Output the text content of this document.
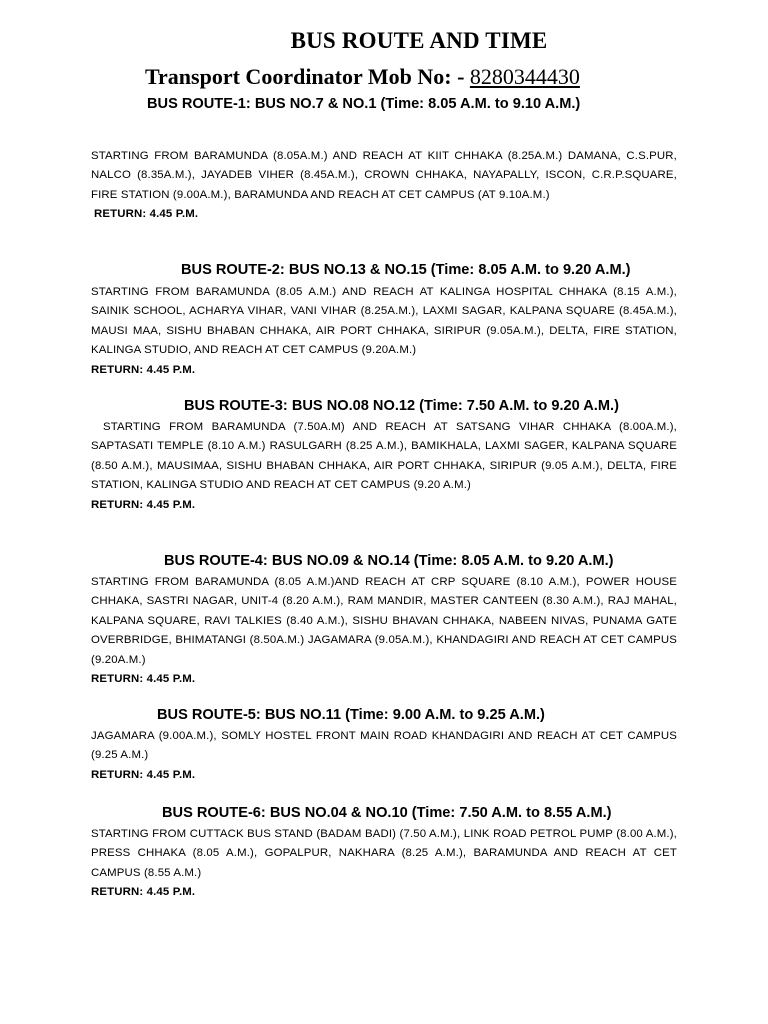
BUS ROUTE AND TIME
Transport Coordinator Mob No: - 8280344430
BUS ROUTE-1: BUS NO.7 & NO.1 (Time: 8.05 A.M. to 9.10 A.M.)
STARTING FROM BARAMUNDA (8.05A.M.) AND REACH AT KIIT CHHAKA (8.25A.M.) DAMANA, C.S.PUR, NALCO (8.35A.M.), JAYADEB VIHER (8.45A.M.), CROWN CHHAKA, NAYAPALLY, ISCON, C.R.P.SQUARE, FIRE STATION (9.00A.M.), BARAMUNDA AND REACH AT CET CAMPUS (AT 9.10A.M.)
RETURN: 4.45 P.M.
BUS ROUTE-2: BUS NO.13 & NO.15 (Time: 8.05 A.M. to 9.20 A.M.)
STARTING FROM BARAMUNDA (8.05 A.M.) AND REACH AT KALINGA HOSPITAL CHHAKA (8.15 A.M.), SAINIK SCHOOL, ACHARYA VIHAR, VANI VIHAR (8.25A.M.), LAXMI SAGAR, KALPANA SQUARE (8.45A.M.), MAUSI MAA, SISHU BHABAN CHHAKA, AIR PORT CHHAKA, SIRIPUR (9.05A.M.), DELTA, FIRE STATION, KALINGA STUDIO, AND REACH AT CET CAMPUS (9.20A.M.)
RETURN: 4.45 P.M.
BUS ROUTE-3: BUS NO.08 NO.12 (Time: 7.50 A.M. to 9.20 A.M.)
STARTING FROM BARAMUNDA (7.50A.M) AND REACH AT SATSANG VIHAR CHHAKA (8.00A.M.), SAPTASATI TEMPLE (8.10 A.M.) RASULGARH (8.25 A.M.), BAMIKHALA, LAXMI SAGER, KALPANA SQUARE (8.50 A.M.), MAUSIMAA, SISHU BHABAN CHHAKA, AIR PORT CHHAKA, SIRIPUR (9.05 A.M.), DELTA, FIRE STATION, KALINGA STUDIO AND REACH AT CET CAMPUS (9.20 A.M.)
RETURN: 4.45 P.M.
BUS ROUTE-4: BUS NO.09 & NO.14 (Time: 8.05 A.M. to 9.20 A.M.)
STARTING FROM BARAMUNDA (8.05 A.M.)AND REACH AT CRP SQUARE (8.10 A.M.), POWER HOUSE CHHAKA, SASTRI NAGAR, UNIT-4 (8.20 A.M.), RAM MANDIR, MASTER CANTEEN (8.30 A.M.), RAJ MAHAL, KALPANA SQUARE, RAVI TALKIES (8.40 A.M.), SISHU BHAVAN CHHAKA, NABEEN NIVAS, PUNAMA GATE OVERBRIDGE, BHIMATANGI (8.50A.M.) JAGAMARA (9.05A.M.), KHANDAGIRI AND REACH AT CET CAMPUS (9.20A.M.)
RETURN: 4.45 P.M.
BUS ROUTE-5: BUS NO.11 (Time: 9.00 A.M. to 9.25 A.M.)
JAGAMARA (9.00A.M.), SOMLY HOSTEL FRONT MAIN ROAD KHANDAGIRI AND REACH AT CET CAMPUS (9.25 A.M.)
RETURN: 4.45 P.M.
BUS ROUTE-6: BUS NO.04 & NO.10 (Time: 7.50 A.M. to 8.55 A.M.)
STARTING FROM CUTTACK BUS STAND (BADAM BADI) (7.50 A.M.), LINK ROAD PETROL PUMP (8.00 A.M.), PRESS CHHAKA (8.05 A.M.), GOPALPUR, NAKHARA (8.25 A.M.), BARAMUNDA AND REACH AT CET CAMPUS (8.55 A.M.)
RETURN: 4.45 P.M.
